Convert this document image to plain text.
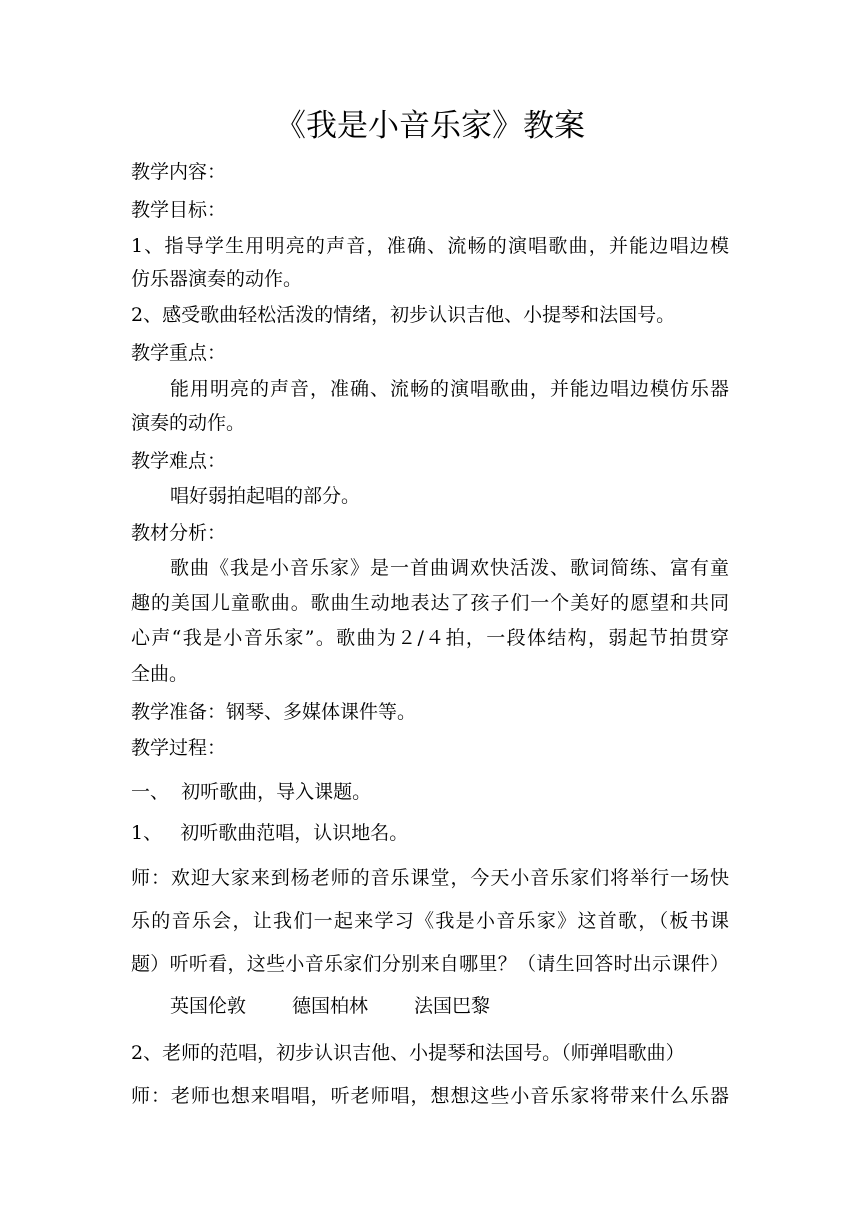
《我是小音乐家》教案
教学内容：
教学目标：
1、指导学生用明亮的声音，准确、流畅的演唱歌曲，并能边唱边模
仿乐器演奏的动作。
2、感受歌曲轻松活泼的情绪，初步认识吉他、小提琴和法国号。
教学重点：
能用明亮的声音，准确、流畅的演唱歌曲，并能边唱边模仿乐器
演奏的动作。
教学难点：
唱好弱拍起唱的部分。
教材分析：
歌曲《我是小音乐家》是一首曲调欢快活泼、歌词简练、富有童
趣的美国儿童歌曲。歌曲生动地表达了孩子们一个美好的愿望和共同
心声“我是小音乐家”。歌曲为２/４拍，一段体结构，弱起节拍贯穿
全曲。
教学准备：钢琴、多媒体课件等。
教学过程：
一、  初听歌曲，导入课题。
1、   初听歌曲范唱，认识地名。
师：欢迎大家来到杨老师的音乐课堂，今天小音乐家们将举行一场快
乐的音乐会，让我们一起来学习《我是小音乐家》这首歌，（板书课
题）听听看，这些小音乐家们分别来自哪里？（请生回答时出示课件）
英国伦敦 德国柏林 法国巴黎
2、老师的范唱，初步认识吉他、小提琴和法国号。（师弹唱歌曲）
师：老师也想来唱唱，听老师唱，想想这些小音乐家将带来什么乐器
